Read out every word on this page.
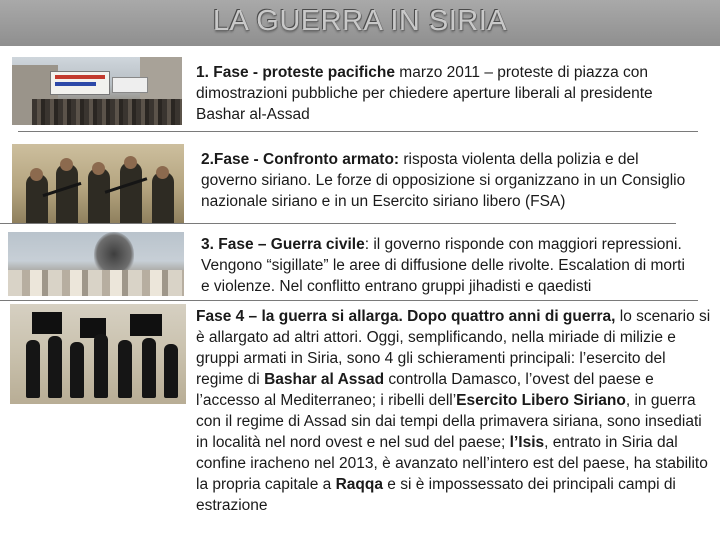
LA GUERRA IN SIRIA

1. Fase - proteste pacifiche marzo 2011 – proteste di piazza con dimostrazioni pubbliche per chiedere aperture liberali al presidente Bashar al-Assad

2.Fase - Confronto armato: risposta violenta della polizia e del governo siriano. Le forze di opposizione si organizzano in un Consiglio nazionale siriano e in un Esercito siriano libero (FSA)

3. Fase – Guerra civile: il governo risponde con maggiori repressioni. Vengono “sigillate” le aree di diffusione delle rivolte. Escalation di morti e violenze. Nel conflitto entrano gruppi jihadisti e qaedisti

Fase 4 – la guerra si allarga. Dopo quattro anni di guerra, lo scenario si è allargato ad altri attori. Oggi, semplificando, nella miriade di milizie e gruppi armati in Siria, sono 4 gli schieramenti principali: l’esercito del regime di Bashar al Assad controlla Damasco, l’ovest del paese e l’accesso al Mediterraneo; i ribelli dell’Esercito Libero Siriano, in guerra con il regime di Assad sin dai tempi della primavera siriana, sono insediati in località nel nord ovest e nel sud del paese; l’Isis, entrato in Siria dal confine iracheno nel 2013, è avanzato nell’intero est del paese, ha stabilito la propria capitale a Raqqa e si è impossessato dei principali campi di estrazione
